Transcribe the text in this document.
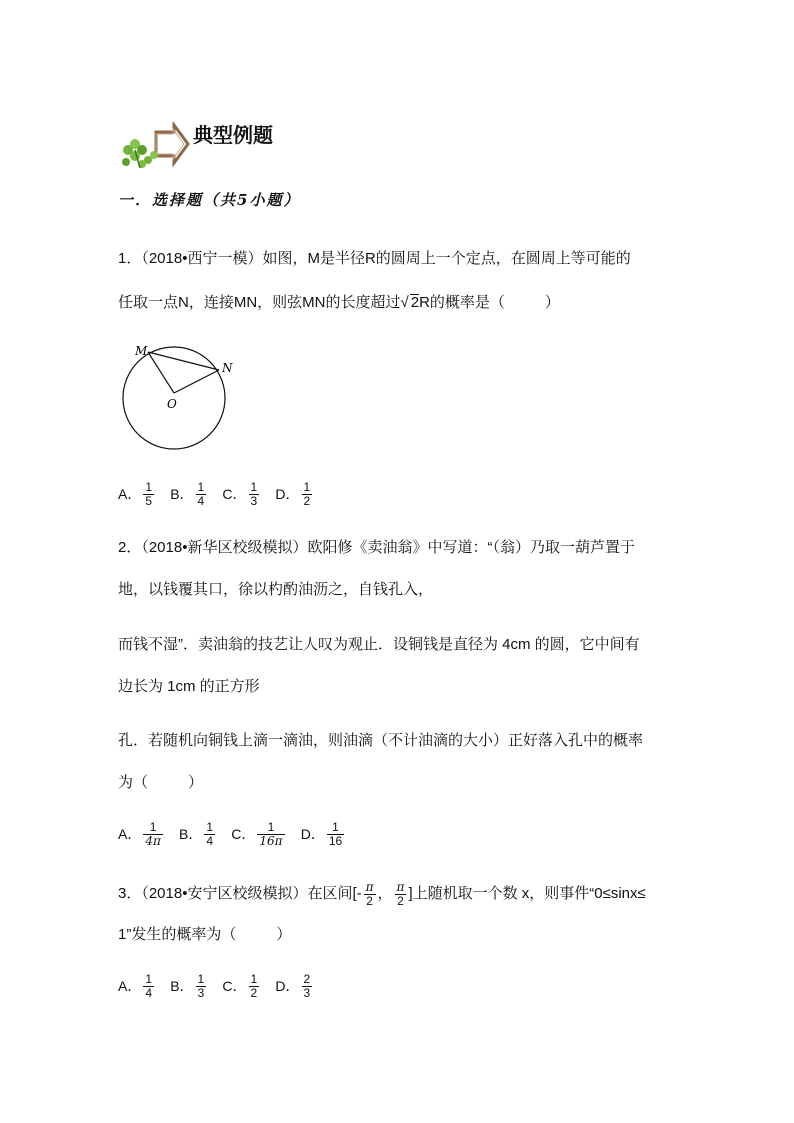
典型例题
一．选择题（共5小题）
1．（2018•西宁一模）如图，M是半径R的圆周上一个定点，在圆周上等可能的
任取一点N，连接MN，则弦MN的长度超过√ 2R的概率是（	）
M
N
O
A． $\frac{1}{5}$ B． $\frac{1}{4}$ C． $\frac{1}{3}$ D． $\frac{1}{2}$
2．（2018•新华区校级模拟）欧阳修《卖油翁》中写道：“（翁）乃取一葫芦置于
地，以钱覆其口，徐以杓酌油沥之，自钱孔入，
而钱不湿”．卖油翁的技艺让人叹为观止．设铜钱是直径为 4cm 的圆，它中间有
边长为 1cm 的正方形
孔．若随机向铜钱上滴一滴油，则油滴（不计油滴的大小）正好落入孔中的概率
为（	）
A． $\frac{1}{4\pi}$ B． $\frac{1}{4}$ C． $\frac{1}{16\pi}$ D． $\frac{1}{16}$
3．（2018•安宁区校级模拟）在区间[- $\frac{\pi}{2}$ ， $\frac{\pi}{2}$ ]上随机取一个数 x，则事件“0≤sinx≤
1”发生的概率为（	）
A． $\frac{1}{4}$ B． $\frac{1}{3}$ C． $\frac{1}{2}$ D． $\frac{2}{3}$
